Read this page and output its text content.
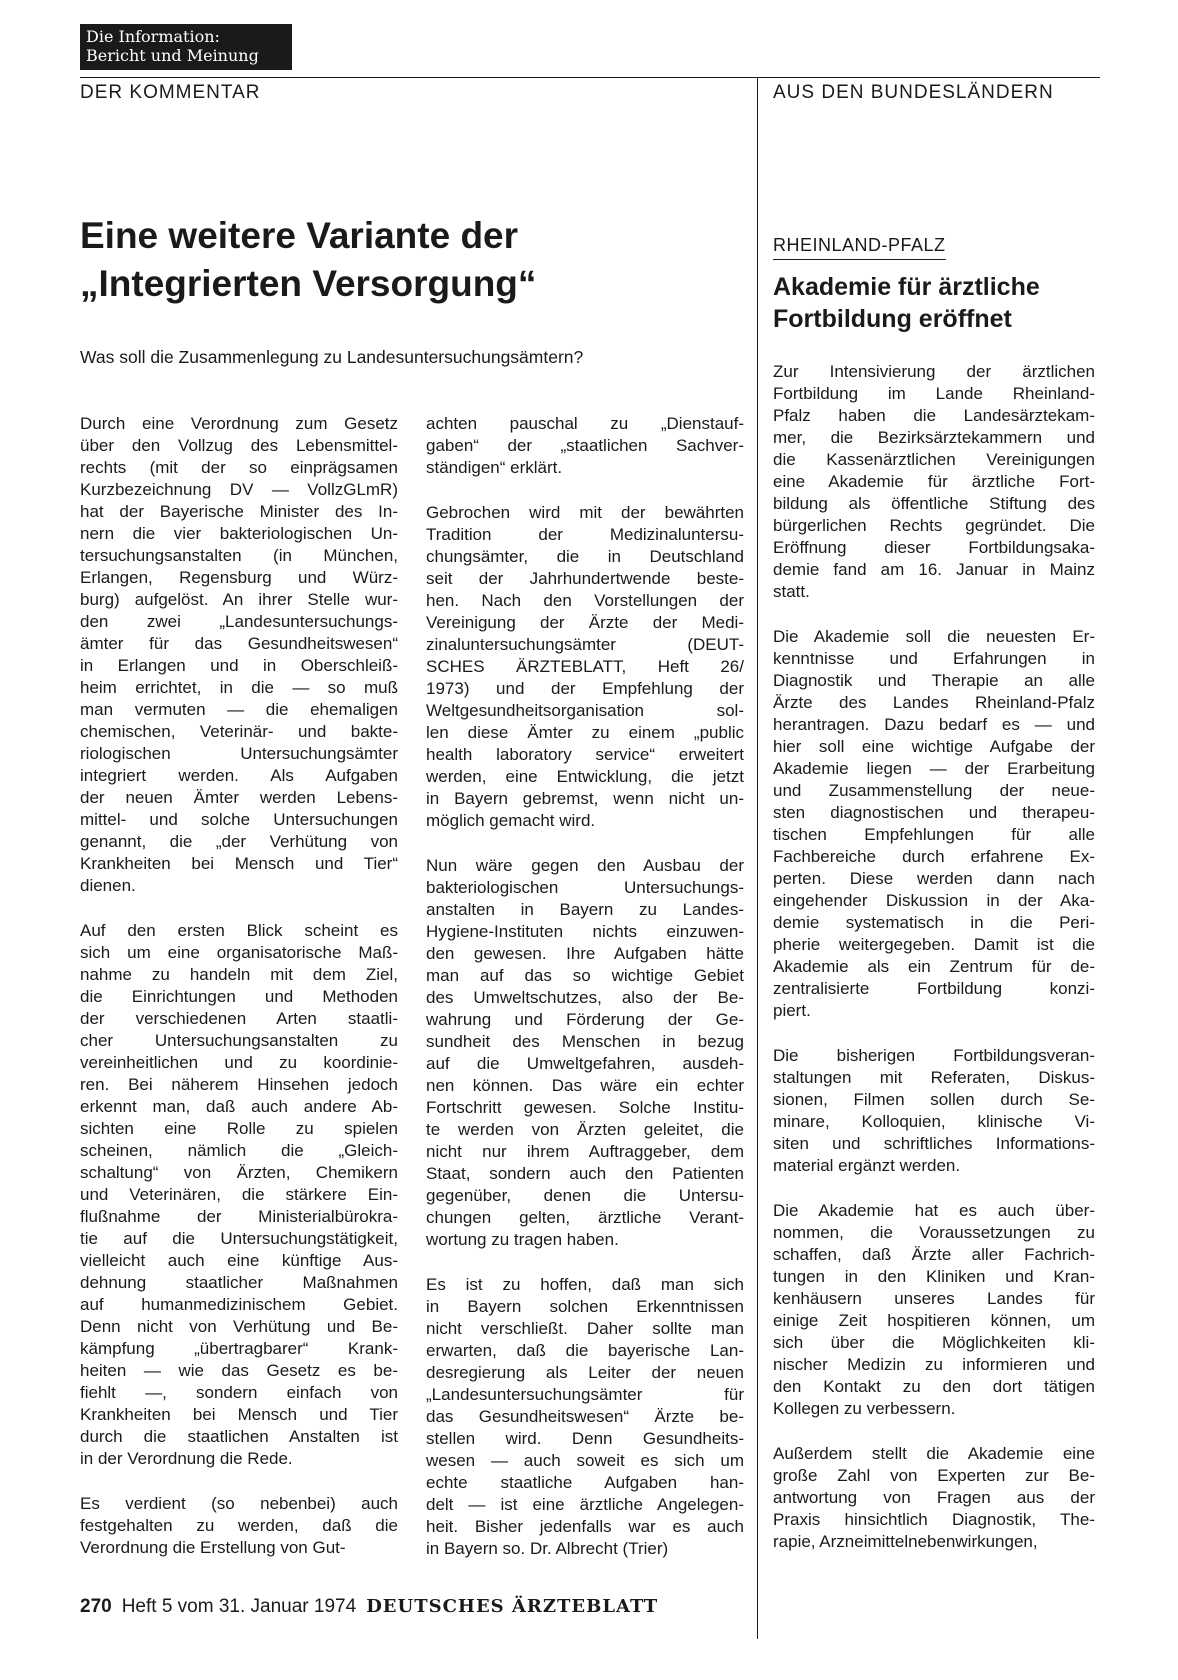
Die Information:
Bericht und Meinung
DER KOMMENTAR	AUS DEN BUNDESLÄNDERN
Eine weitere Variante der
„Integrierten Versorgung“
Was soll die Zusammenlegung zu Landesuntersuchungsämtern?
Durch eine Verordnung zum Gesetz
über den Vollzug des Lebensmittel-
rechts (mit der so einprägsamen
Kurzbezeichnung DV — VollzGLmR)
hat der Bayerische Minister des In-
nern die vier bakteriologischen Un-
tersuchungsanstalten (in München,
Erlangen, Regensburg und Würz-
burg) aufgelöst. An ihrer Stelle wur-
den zwei „Landesuntersuchungs-
ämter für das Gesundheitswesen“
in Erlangen und in Oberschleiß-
heim errichtet, in die — so muß
man vermuten — die ehemaligen
chemischen, Veterinär- und bakte-
riologischen Untersuchungsämter
integriert werden. Als Aufgaben
der neuen Ämter werden Lebens-
mittel- und solche Untersuchungen
genannt, die „der Verhütung von
Krankheiten bei Mensch und Tier“
dienen.
Auf den ersten Blick scheint es
sich um eine organisatorische Maß-
nahme zu handeln mit dem Ziel,
die Einrichtungen und Methoden
der verschiedenen Arten staatli-
cher Untersuchungsanstalten zu
vereinheitlichen und zu koordinie-
ren. Bei näherem Hinsehen jedoch
erkennt man, daß auch andere Ab-
sichten eine Rolle zu spielen
scheinen, nämlich die „Gleich-
schaltung“ von Ärzten, Chemikern
und Veterinären, die stärkere Ein-
flußnahme der Ministerialbürokra-
tie auf die Untersuchungstätigkeit,
vielleicht auch eine künftige Aus-
dehnung staatlicher Maßnahmen
auf humanmedizinischem Gebiet.
Denn nicht von Verhütung und Be-
kämpfung „übertragbarer“ Krank-
heiten — wie das Gesetz es be-
fiehlt —, sondern einfach von
Krankheiten bei Mensch und Tier
durch die staatlichen Anstalten ist
in der Verordnung die Rede.
Es verdient (so nebenbei) auch
festgehalten zu werden, daß die
Verordnung die Erstellung von Gut-
achten pauschal zu „Dienstauf-
gaben“ der „staatlichen Sachver-
ständigen“ erklärt.
Gebrochen wird mit der bewährten
Tradition der Medizinaluntersu-
chungsämter, die in Deutschland
seit der Jahrhundertwende beste-
hen. Nach den Vorstellungen der
Vereinigung der Ärzte der Medi-
zinaluntersuchungsämter (DEUT-
SCHES ÄRZTEBLATT, Heft 26/
1973) und der Empfehlung der
Weltgesundheitsorganisation sol-
len diese Ämter zu einem „public
health laboratory service“ erweitert
werden, eine Entwicklung, die jetzt
in Bayern gebremst, wenn nicht un-
möglich gemacht wird.
Nun wäre gegen den Ausbau der
bakteriologischen Untersuchungs-
anstalten in Bayern zu Landes-
Hygiene-Instituten nichts einzuwen-
den gewesen. Ihre Aufgaben hätte
man auf das so wichtige Gebiet
des Umweltschutzes, also der Be-
wahrung und Förderung der Ge-
sundheit des Menschen in bezug
auf die Umweltgefahren, ausdeh-
nen können. Das wäre ein echter
Fortschritt gewesen. Solche Institu-
te werden von Ärzten geleitet, die
nicht nur ihrem Auftraggeber, dem
Staat, sondern auch den Patienten
gegenüber, denen die Untersu-
chungen gelten, ärztliche Verant-
wortung zu tragen haben.
Es ist zu hoffen, daß man sich
in Bayern solchen Erkenntnissen
nicht verschließt. Daher sollte man
erwarten, daß die bayerische Lan-
desregierung als Leiter der neuen
„Landesuntersuchungsämter für
das Gesundheitswesen“ Ärzte be-
stellen wird. Denn Gesundheits-
wesen — auch soweit es sich um
echte staatliche Aufgaben han-
delt — ist eine ärztliche Angelegen-
heit. Bisher jedenfalls war es auch
in Bayern so. Dr. Albrecht (Trier)
RHEINLAND-PFALZ
Akademie für ärztliche
Fortbildung eröffnet
Zur Intensivierung der ärztlichen
Fortbildung im Lande Rheinland-
Pfalz haben die Landesärztekam-
mer, die Bezirksärztekammern und
die Kassenärztlichen Vereinigungen
eine Akademie für ärztliche Fort-
bildung als öffentliche Stiftung des
bürgerlichen Rechts gegründet. Die
Eröffnung dieser Fortbildungsaka-
demie fand am 16. Januar in Mainz
statt.
Die Akademie soll die neuesten Er-
kenntnisse und Erfahrungen in
Diagnostik und Therapie an alle
Ärzte des Landes Rheinland-Pfalz
herantragen. Dazu bedarf es — und
hier soll eine wichtige Aufgabe der
Akademie liegen — der Erarbeitung
und Zusammenstellung der neue-
sten diagnostischen und therapeu-
tischen Empfehlungen für alle
Fachbereiche durch erfahrene Ex-
perten. Diese werden dann nach
eingehender Diskussion in der Aka-
demie systematisch in die Peri-
pherie weitergegeben. Damit ist die
Akademie als ein Zentrum für de-
zentralisierte Fortbildung konzi-
piert.
Die bisherigen Fortbildungsveran-
staltungen mit Referaten, Diskus-
sionen, Filmen sollen durch Se-
minare, Kolloquien, klinische Vi-
siten und schriftliches Informations-
material ergänzt werden.
Die Akademie hat es auch über-
nommen, die Voraussetzungen zu
schaffen, daß Ärzte aller Fachrich-
tungen in den Kliniken und Kran-
kenhäusern unseres Landes für
einige Zeit hospitieren können, um
sich über die Möglichkeiten kli-
nischer Medizin zu informieren und
den Kontakt zu den dort tätigen
Kollegen zu verbessern.
Außerdem stellt die Akademie eine
große Zahl von Experten zur Be-
antwortung von Fragen aus der
Praxis hinsichtlich Diagnostik, The-
rapie, Arzneimittelnebenwirkungen,
270 Heft 5 vom 31. Januar 1974 DEUTSCHES ÄRZTEBLATT
